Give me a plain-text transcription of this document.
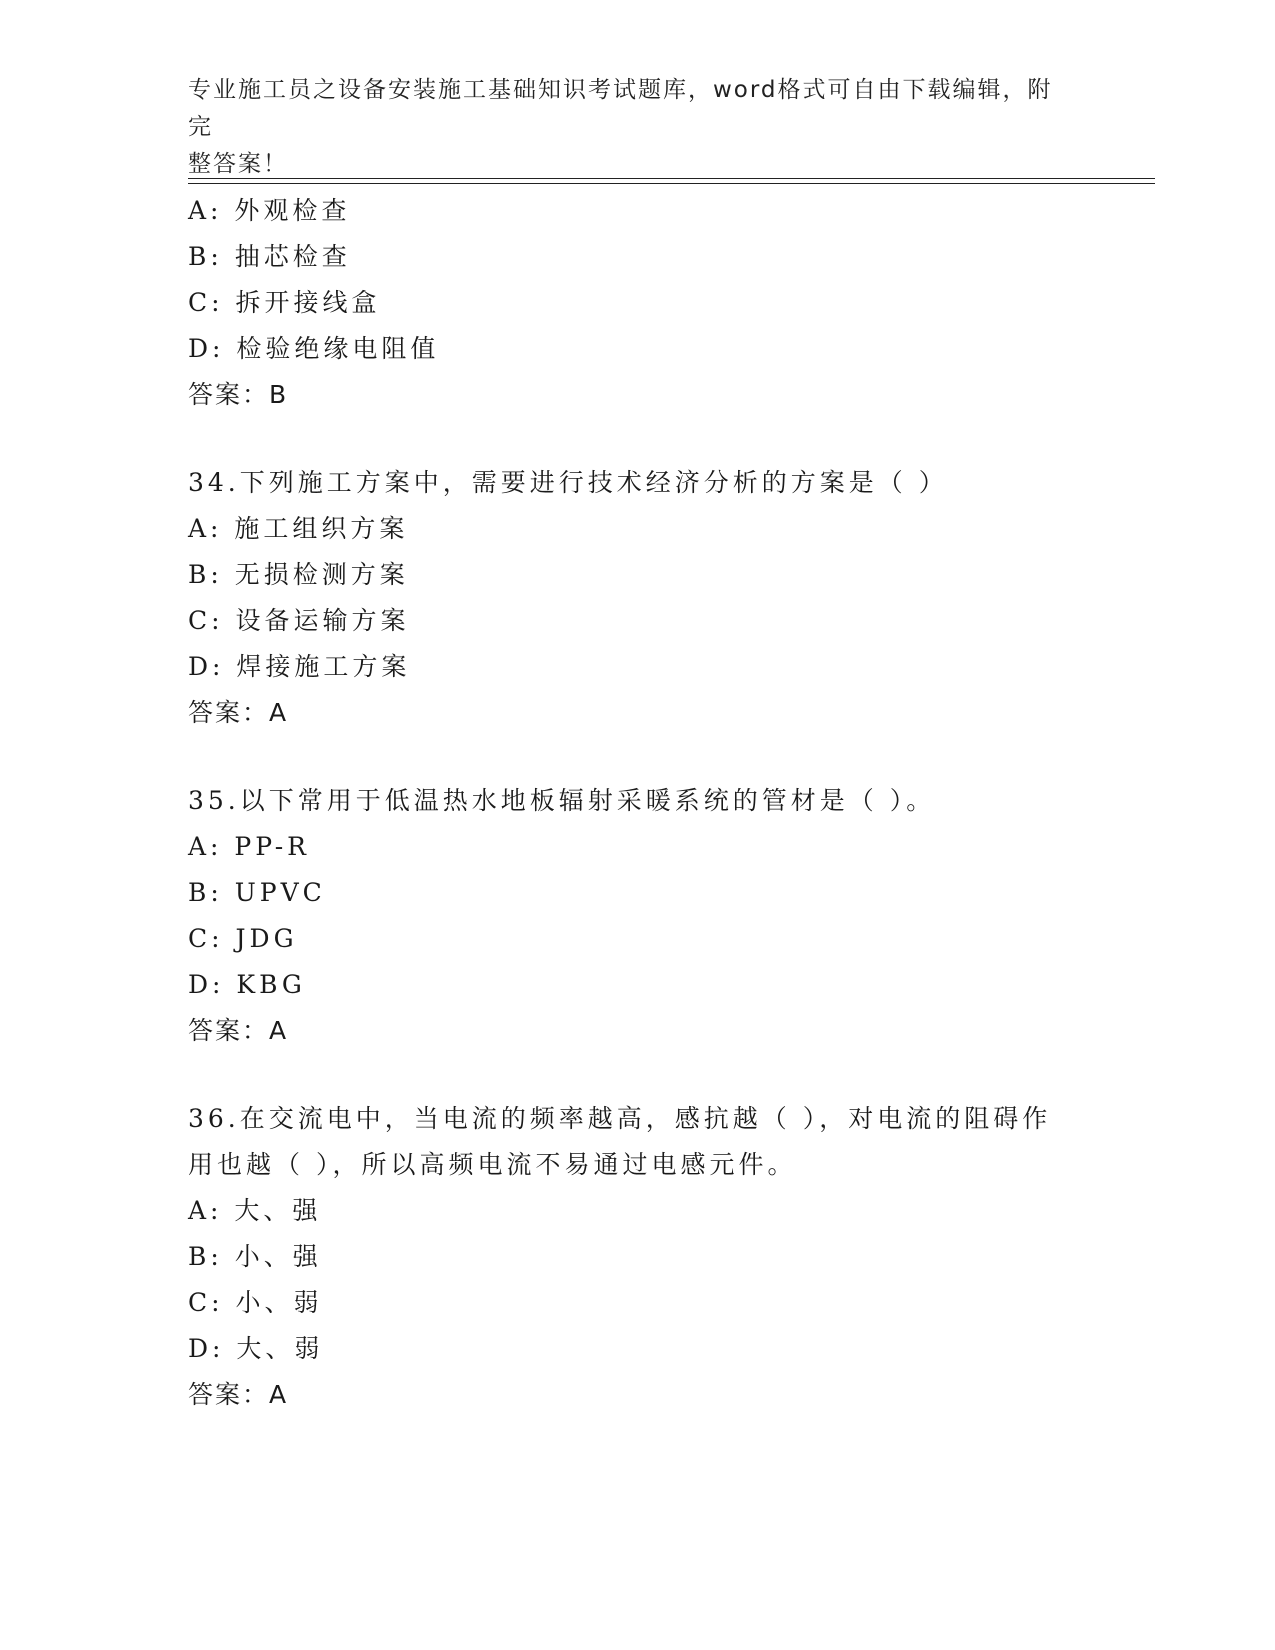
专业施工员之设备安装施工基础知识考试题库，word格式可自由下载编辑，附完
整答案！
A: 外观检查
B: 抽芯检查
C: 拆开接线盒
D: 检验绝缘电阻值
答案：B
34.下列施工方案中，需要进行技术经济分析的方案是（ ）
A: 施工组织方案
B: 无损检测方案
C: 设备运输方案
D: 焊接施工方案
答案：A
35.以下常用于低温热水地板辐射采暖系统的管材是（ ）。
A: PP-R
B: UPVC
C: JDG
D: KBG
答案：A
36.在交流电中，当电流的频率越高，感抗越（ ），对电流的阻碍作
用也越（ ），所以高频电流不易通过电感元件。
A: 大、强
B: 小、强
C: 小、弱
D: 大、弱
答案：A
